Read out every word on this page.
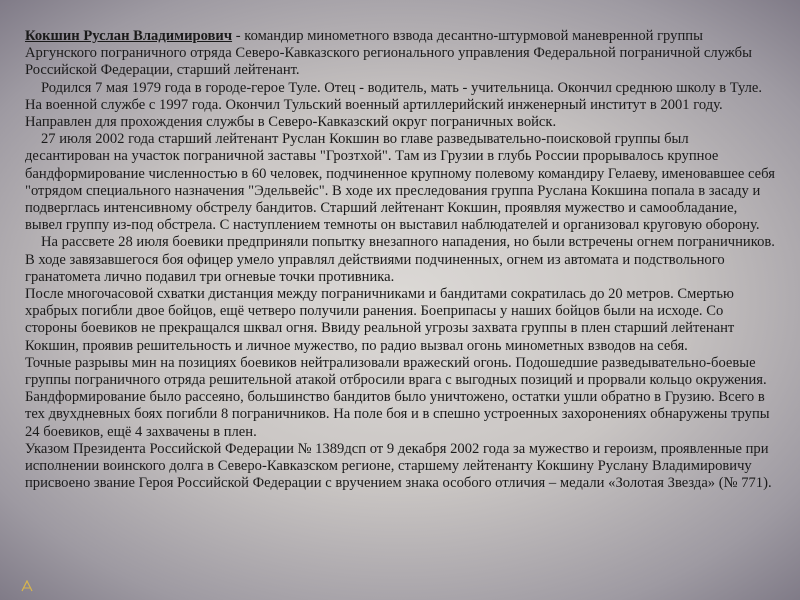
Кокшин Руслан Владимирович - командир минометного взвода десантно-штурмовой маневренной группы Аргунского пограничного отряда Северо-Кавказского регионального управления Федеральной пограничной службы Российской Федерации, старший лейтенант.

Родился 7 мая 1979 года в городе-герое Туле. Отец - водитель, мать - учительница. Окончил среднюю школу в Туле. На военной службе с 1997 года. Окончил Тульский военный артиллерийский инженерный институт в 2001 году. Направлен для прохождения службы в Северо-Кавказский округ пограничных войск.

27 июля 2002 года старший лейтенант Руслан Кокшин во главе разведывательно-поисковой группы был десантирован на участок пограничной заставы "Грозтхой". Там из Грузии в глубь России прорывалось крупное бандформирование численностью в 60 человек, подчиненное крупному полевому командиру Гелаеву, именовавшее себя "отрядом специального назначения "Эдельвейс". В ходе их преследования группа Руслана Кокшина попала в засаду и подверглась интенсивному обстрелу бандитов. Старший лейтенант Кокшин, проявляя мужество и самообладание, вывел группу из-под обстрела. С наступлением темноты он выставил наблюдателей и организовал круговую оборону.

На рассвете 28 июля боевики предприняли попытку внезапного нападения, но были встречены огнем пограничников. В ходе завязавшегося боя офицер умело управлял действиями подчиненных, огнем из автомата и подствольного гранатомета лично подавил три огневые точки противника.

После многочасовой схватки дистанция между пограничниками и бандитами сократилась до 20 метров. Смертью храбрых погибли двое бойцов, ещё четверо получили ранения. Боеприпасы у наших бойцов были на исходе. Со стороны боевиков не прекращался шквал огня. Ввиду реальной угрозы захвата группы в плен старший лейтенант Кокшин, проявив решительность и личное мужество, по радио вызвал огонь минометных взводов на себя.

Точные разрывы мин на позициях боевиков нейтрализовали вражеский огонь. Подошедшие разведывательно-боевые группы пограничного отряда решительной атакой отбросили врага с выгодных позиций и прорвали кольцо окружения. Бандформирование было рассеяно, большинство бандитов было уничтожено, остатки ушли обратно в Грузию. Всего в тех двухдневных боях погибли 8 пограничников. На поле боя и в спешно устроенных захоронениях обнаружены трупы 24 боевиков, ещё 4 захвачены в плен.

Указом Президента Российской Федерации № 1389дсп от 9 декабря 2002 года за мужество и героизм, проявленные при исполнении воинского долга в Северо-Кавказском регионе, старшему лейтенанту Кокшину Руслану Владимировичу присвоено звание Героя Российской Федерации с вручением знака особого отличия – медали «Золотая Звезда» (№ 771).
